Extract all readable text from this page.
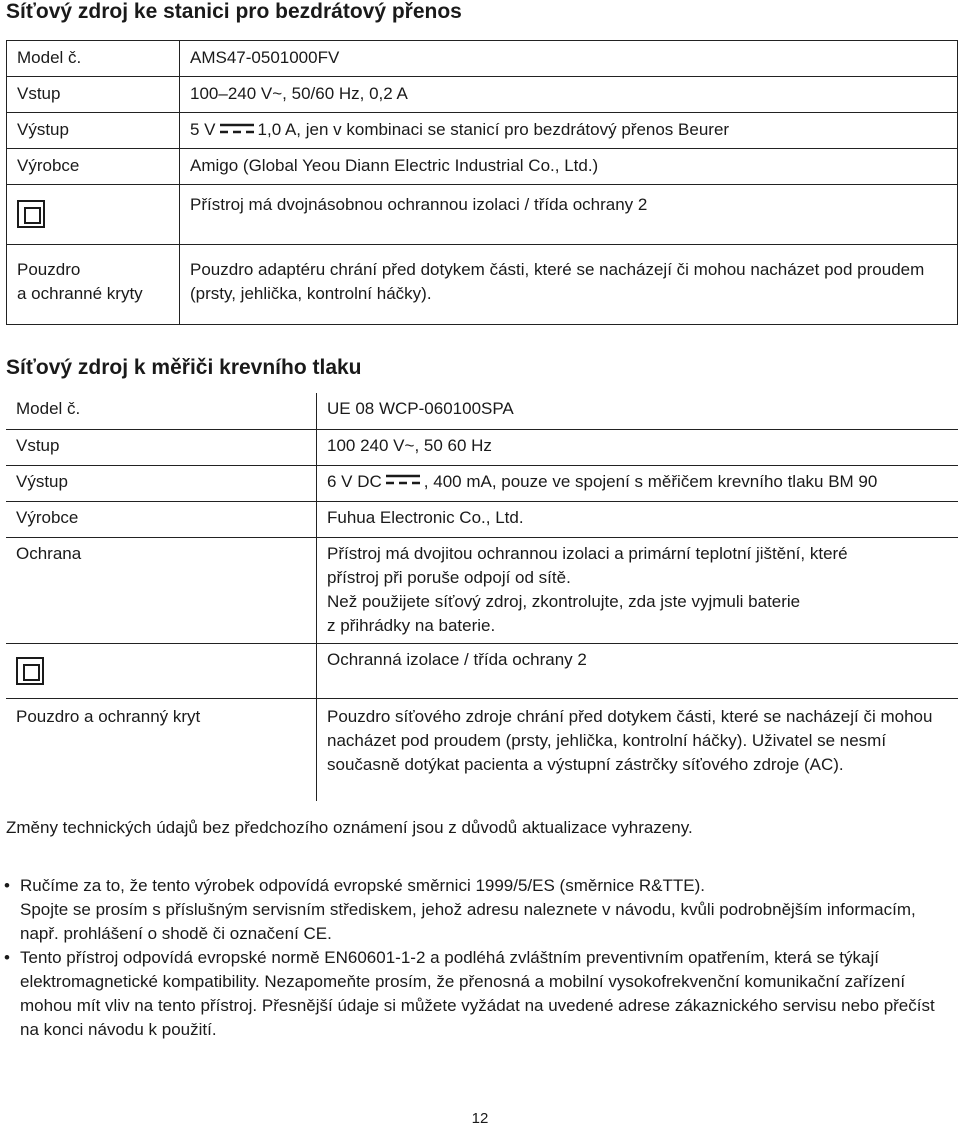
Síťový zdroj ke stanici pro bezdrátový přenos
Model č.	AMS47-0501000FV
Vstup	100–240 V~, 50/60 Hz, 0,2 A
Výstup	5 V 1,0 A, jen v kombinaci se stanicí pro bezdrátový přenos Beurer
Výrobce	Amigo (Global Yeou Diann Electric Industrial Co., Ltd.)
	Přístroj má dvojnásobnou ochrannou izolaci / třída ochrany 2

Pouzdro
a ochranné kryty	Pouzdro adaptéru chrání před dotykem části, které se nacházejí či mohou nacházet pod proudem (prsty, jehlička, kontrolní háčky).
Síťový zdroj k měřiči krevního tlaku
Model č.	UE 08 WCP-060100SPA
Vstup	100 240 V~, 50 60 Hz
Výstup	6 V DC , 400 mA, pouze ve spojení s měřičem krevního tlaku BM 90
Výrobce	Fuhua Electronic Co., Ltd.
Ochrana	Přístroj má dvojitou ochrannou izolaci a primární teplotní jištění, které
přístroj při poruše odpojí od sítě.
Než použijete síťový zdroj, zkontrolujte, zda jste vyjmuli baterie
z přihrádky na baterie.

	Ochranná izolace / třída ochrany 2
Pouzdro a ochranný kryt	Pouzdro síťového zdroje chrání před dotykem části, které se nacházejí či mohou nacházet pod proudem (prsty, jehlička, kontrolní háčky). Uživatel se nesmí současně dotýkat pacienta a výstupní zástrčky síťového zdroje (AC).
Změny technických údajů bez předchozího oznámení jsou z důvodů aktualizace vyhrazeny.
• Ručíme za to, že tento výrobek odpovídá evropské směrnici 1999/5/ES (směrnice R&TTE).
Spojte se prosím s příslušným servisním střediskem, jehož adresu naleznete v návodu, kvůli podrobnějším informacím, např. prohlášení o shodě či označení CE.
• Tento přístroj odpovídá evropské normě EN60601-1-2 a podléhá zvláštním preventivním opatřením, která se týkají elektromagnetické kompatibility. Nezapomeňte prosím, že přenosná a mobilní vysokofrekvenční komunikační zařízení mohou mít vliv na tento přístroj. Přesnější údaje si můžete vyžádat na uvedené adrese zákaznického servisu nebo přečíst na konci návodu k použití.
12
